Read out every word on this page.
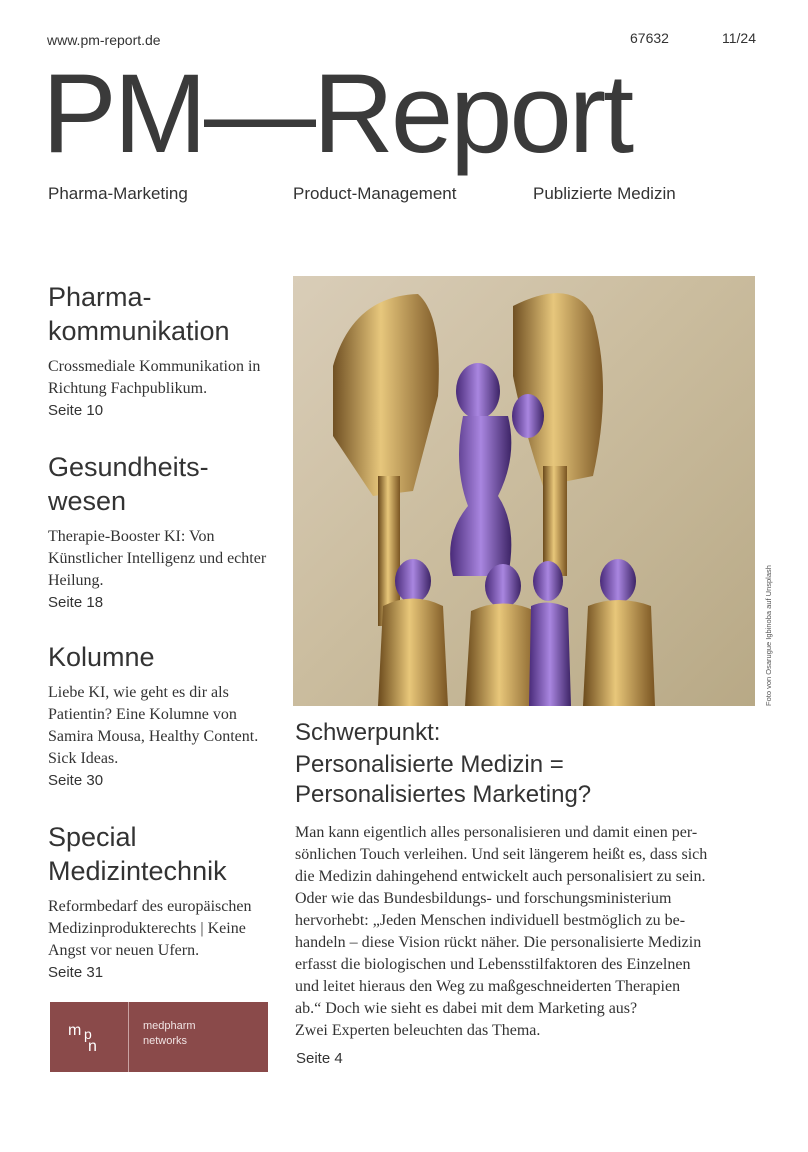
www.pm-report.de	67632	11/24
PM—Report
Pharma-Marketing	Product-Management	Publizierte Medizin
Pharma-
kommunikation

Crossmediale Kommunikation in Richtung Fachpublikum.

Seite 10
Gesundheits-
wesen

Therapie-Booster KI: Von Künstlicher Intelligenz und echter Heilung.

Seite 18
Kolumne

Liebe KI, wie geht es dir als Patientin? Eine Kolumne von Samira Mousa, Healthy Content. Sick Ideas.

Seite 30
Special
Medizintechnik

Reformbedarf des europäischen Medizinprodukterechts | Keine Angst vor neuen Ufern.

Seite 31
Foto von Osarugue Igbinoba auf Unsplash
Schwerpunkt:
Personalisierte Medizin =
Personalisiertes Marketing?

Man kann eigentlich alles personalisieren und damit einen per-
sönlichen Touch verleihen. Und seit längerem heißt es, dass sich
die Medizin dahingehend entwickelt auch personalisiert zu sein.
Oder wie das Bundesbildungs- und forschungsministerium
hervorhebt: „Jeden Menschen individuell bestmöglich zu be-
handeln – diese Vision rückt näher. Die personalisierte Medizin
erfasst die biologischen und Lebensstilfaktoren des Einzelnen
und leitet hieraus den Weg zu maßgeschneiderten Therapien
ab.“ Doch wie sieht es dabei mit dem Marketing aus?
Zwei Experten beleuchten das Thema.

Seite 4
m p
n
medpharm
networks
